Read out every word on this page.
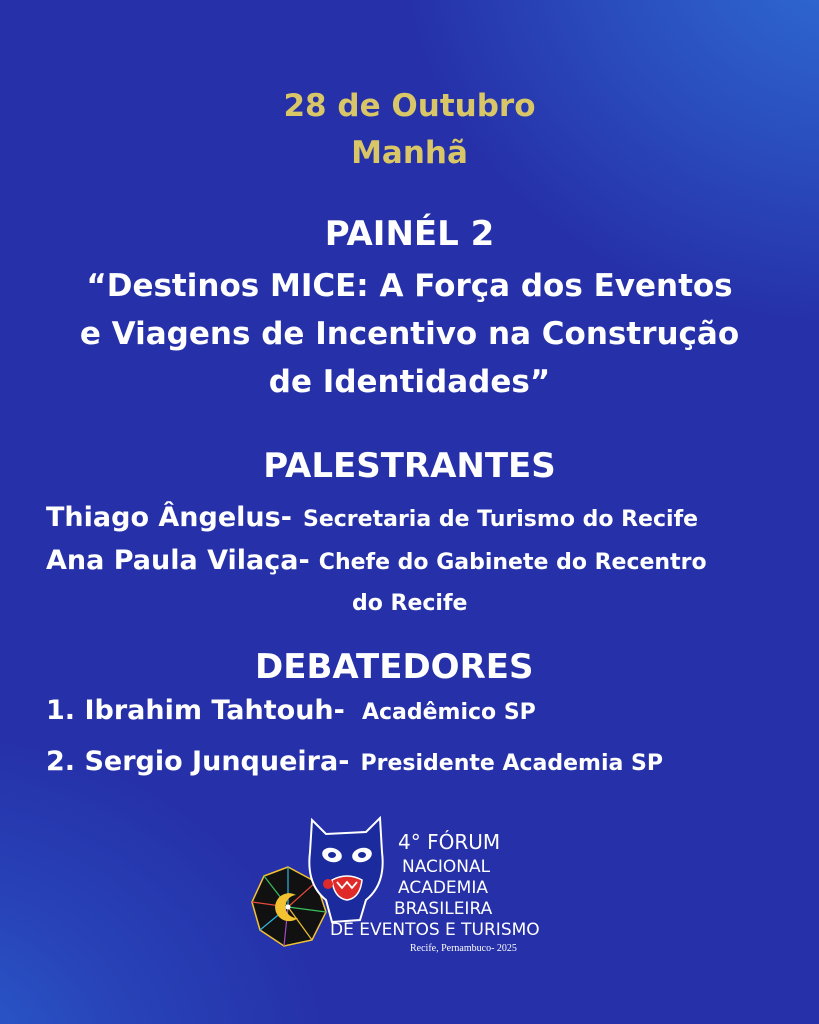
28 de Outubro
Manhã
PAINÉL 2
“Destinos MICE: A Força dos Eventos
e Viagens de Incentivo na Construção
de Identidades”
PALESTRANTES
Thiago Ângelus- Secretaria de Turismo do Recife
Ana Paula Vilaça- Chefe do Gabinete do Recentro
do Recife
DEBATEDORES
1. Ibrahim Tahtouh- Acadêmico SP
2. Sergio Junqueira- Presidente Academia SP
4° FÓRUM
NACIONAL
ACADEMIA
BRASILEIRA
DE EVENTOS E TURISMO
Recife, Pernambuco- 2025
